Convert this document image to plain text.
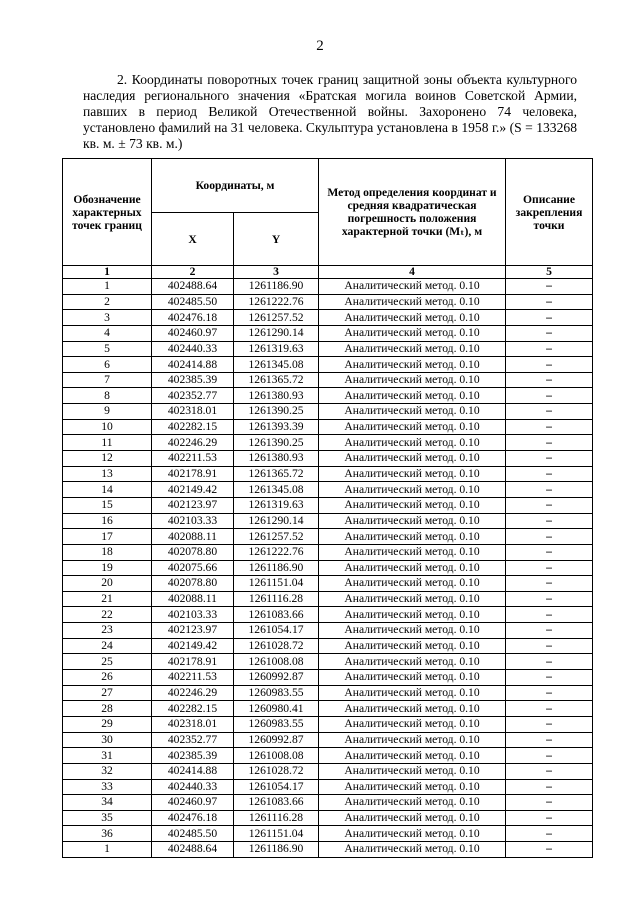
2

2. Координаты поворотных точек границ защитной зоны объекта культурного наследия регионального значения «Братская могила воинов Советской Армии, павших в период Великой Отечественной войны. Захоронено 74 человека, установлено фамилий на 31 человека. Скульптура установлена в 1958 г.» (S = 133268 кв. м. ± 73 кв. м.)

Обозначение характерных точек границ	Координаты, м		Метод определения координат и средняя квадратическая погрешность положения характерной точки (Mₜ), м	Описание закрепления точки
	X	Y		
1	2	3	4	5
1	402488.64	1261186.90	Аналитический метод. 0.10	–
2	402485.50	1261222.76	Аналитический метод. 0.10	–
3	402476.18	1261257.52	Аналитический метод. 0.10	–
4	402460.97	1261290.14	Аналитический метод. 0.10	–
5	402440.33	1261319.63	Аналитический метод. 0.10	–
6	402414.88	1261345.08	Аналитический метод. 0.10	–
7	402385.39	1261365.72	Аналитический метод. 0.10	–
8	402352.77	1261380.93	Аналитический метод. 0.10	–
9	402318.01	1261390.25	Аналитический метод. 0.10	–
10	402282.15	1261393.39	Аналитический метод. 0.10	–
11	402246.29	1261390.25	Аналитический метод. 0.10	–
12	402211.53	1261380.93	Аналитический метод. 0.10	–
13	402178.91	1261365.72	Аналитический метод. 0.10	–
14	402149.42	1261345.08	Аналитический метод. 0.10	–
15	402123.97	1261319.63	Аналитический метод. 0.10	–
16	402103.33	1261290.14	Аналитический метод. 0.10	–
17	402088.11	1261257.52	Аналитический метод. 0.10	–
18	402078.80	1261222.76	Аналитический метод. 0.10	–
19	402075.66	1261186.90	Аналитический метод. 0.10	–
20	402078.80	1261151.04	Аналитический метод. 0.10	–
21	402088.11	1261116.28	Аналитический метод. 0.10	–
22	402103.33	1261083.66	Аналитический метод. 0.10	–
23	402123.97	1261054.17	Аналитический метод. 0.10	–
24	402149.42	1261028.72	Аналитический метод. 0.10	–
25	402178.91	1261008.08	Аналитический метод. 0.10	–
26	402211.53	1260992.87	Аналитический метод. 0.10	–
27	402246.29	1260983.55	Аналитический метод. 0.10	–
28	402282.15	1260980.41	Аналитический метод. 0.10	–
29	402318.01	1260983.55	Аналитический метод. 0.10	–
30	402352.77	1260992.87	Аналитический метод. 0.10	–
31	402385.39	1261008.08	Аналитический метод. 0.10	–
32	402414.88	1261028.72	Аналитический метод. 0.10	–
33	402440.33	1261054.17	Аналитический метод. 0.10	–
34	402460.97	1261083.66	Аналитический метод. 0.10	–
35	402476.18	1261116.28	Аналитический метод. 0.10	–
36	402485.50	1261151.04	Аналитический метод. 0.10	–
1	402488.64	1261186.90	Аналитический метод. 0.10	–
